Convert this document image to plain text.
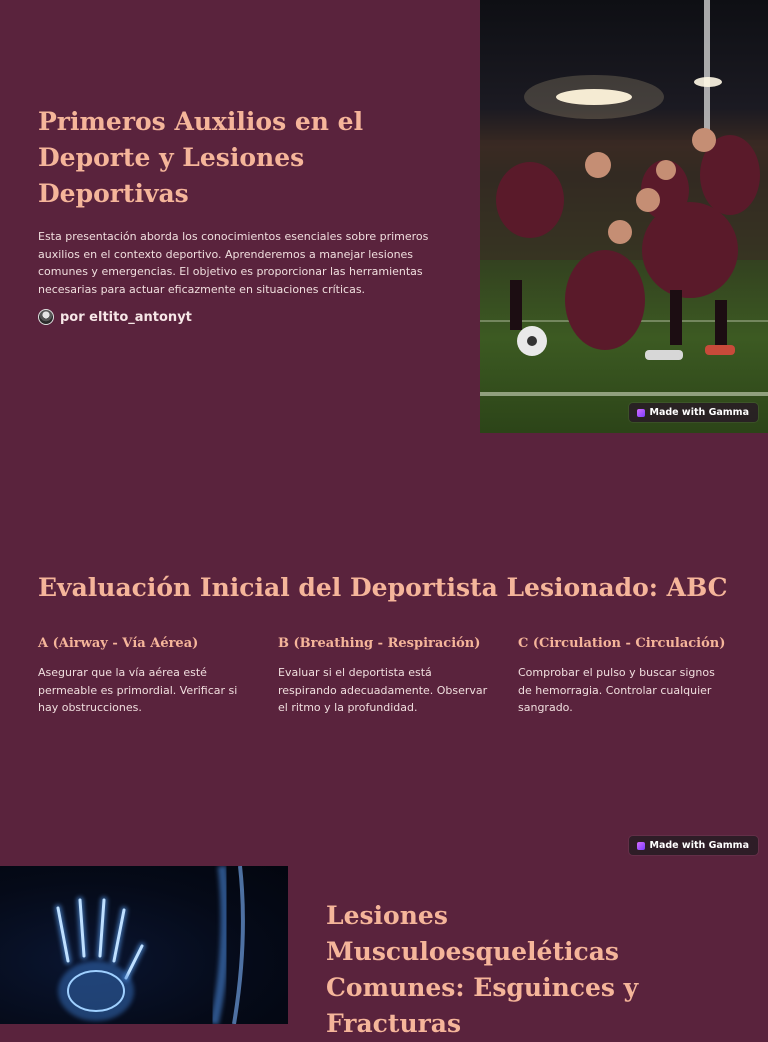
Primeros Auxilios en el Deporte y Lesiones Deportivas

Esta presentación aborda los conocimientos esenciales sobre primeros auxilios en el contexto deportivo. Aprenderemos a manejar lesiones comunes y emergencias. El objetivo es proporcionar las herramientas necesarias para actuar eficazmente en situaciones críticas.

por eltito_antonyt
Made with Gamma
Evaluación Inicial del Deportista Lesionado: ABC
A (Airway - Vía Aérea)

Asegurar que la vía aérea esté permeable es primordial. Verificar si hay obstrucciones.

B (Breathing - Respiración)

Evaluar si el deportista está respirando adecuadamente. Observar el ritmo y la profundidad.

C (Circulation - Circulación)

Comprobar el pulso y buscar signos de hemorragia. Controlar cualquier sangrado.

Made with Gamma
Lesiones Musculoesqueléticas Comunes: Esguinces y Fracturas
